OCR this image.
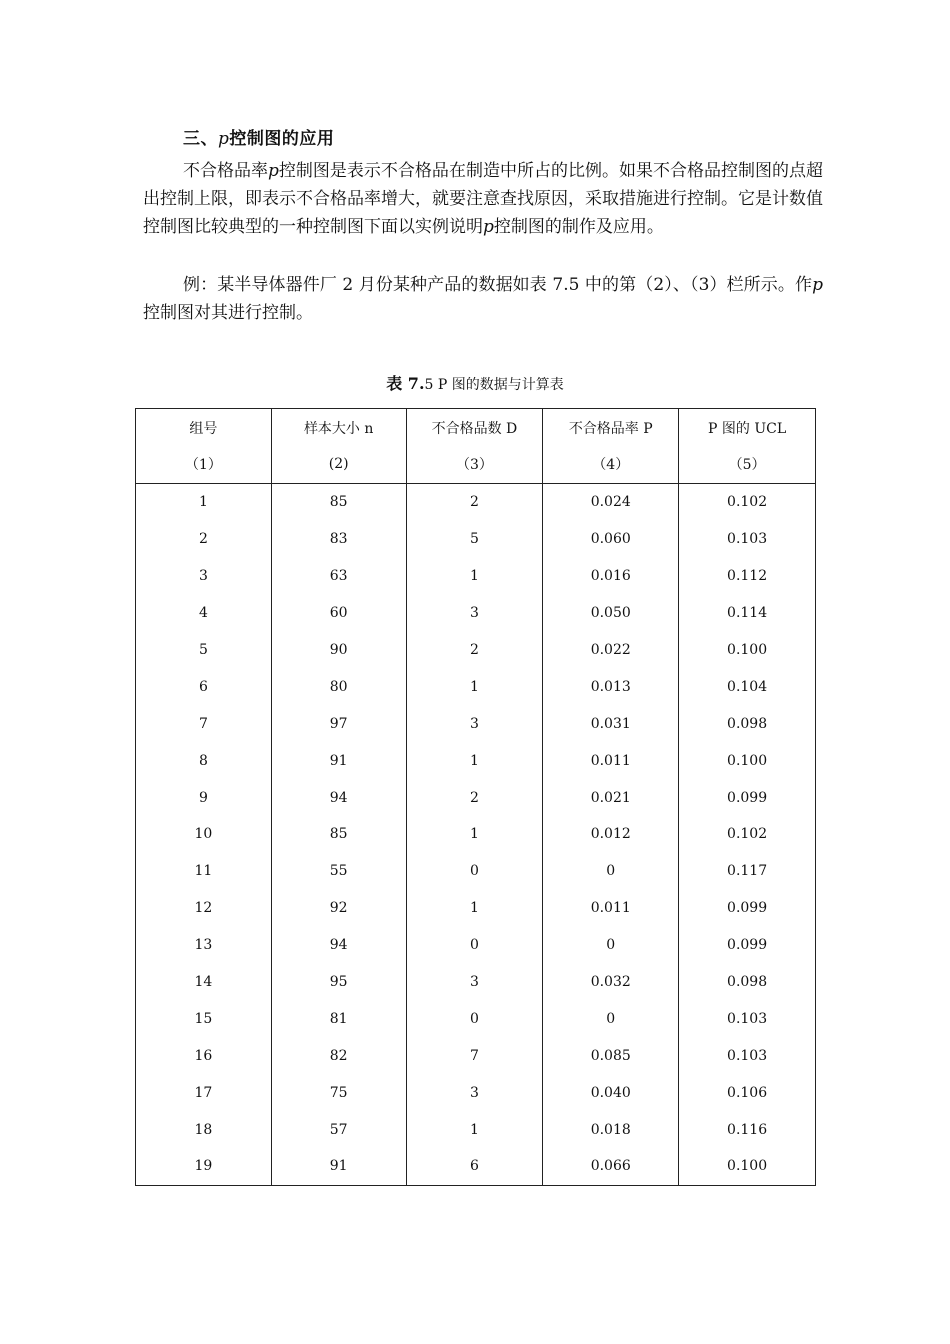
三、p控制图的应用
不合格品率p控制图是表示不合格品在制造中所占的比例。如果不合格品控制图的点超出控制上限，即表示不合格品率增大，就要注意查找原因，采取措施进行控制。它是计数值控制图比较典型的一种控制图下面以实例说明p控制图的制作及应用。
例：某半导体器件厂 2 月份某种产品的数据如表 7.5 中的第（2）、（3）栏所示。作p控制图对其进行控制。
表 7.5 P 图的数据与计算表
组号	样本大小 n	不合格品数 D	不合格品率 P	P 图的 UCL
（1）	(2)	（3）	（4）	（5）
1	85	2	0.024	0.102
2	83	5	0.060	0.103
3	63	1	0.016	0.112
4	60	3	0.050	0.114
5	90	2	0.022	0.100
6	80	1	0.013	0.104
7	97	3	0.031	0.098
8	91	1	0.011	0.100
9	94	2	0.021	0.099
10	85	1	0.012	0.102
11	55	0	0	0.117
12	92	1	0.011	0.099
13	94	0	0	0.099
14	95	3	0.032	0.098
15	81	0	0	0.103
16	82	7	0.085	0.103
17	75	3	0.040	0.106
18	57	1	0.018	0.116
19	91	6	0.066	0.100
